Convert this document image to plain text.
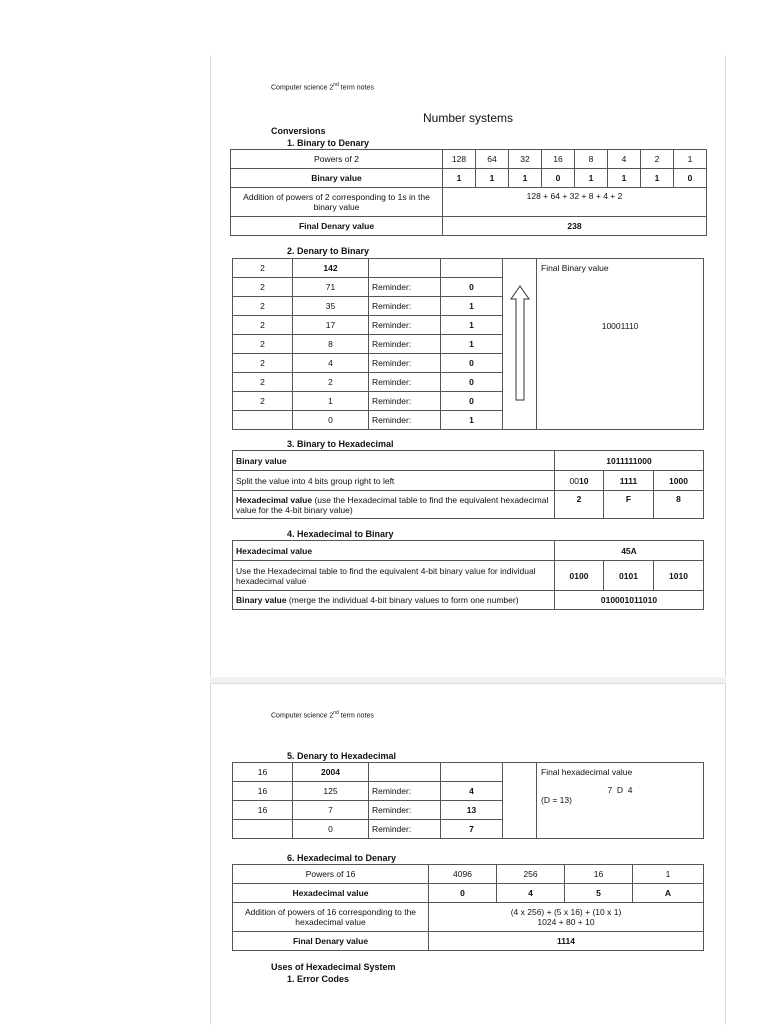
Computer science 2nd term notes
Number systems
Conversions
1. Binary to Denary
Powers of 2	128	64	32	16	8	4	2	1
Binary value	1	1	1	0	1	1	1	0
Addition of powers of 2 corresponding to 1s in the binary value	128 + 64 + 32 + 8 + 4 + 2							
Final Denary value	238							
2. Denary to Binary
2	142				Final Binary value
10001110

2	71	Reminder:	0		
2	35	Reminder:	1		
2	17	Reminder:	1		
2	8	Reminder:	1		
2	4	Reminder:	0		
2	2	Reminder:	0		
2	1	Reminder:	0		
	0	Reminder:	1		
3. Binary to Hexadecimal
Binary value	1011111000		
Split the value into 4 bits group right to left	0010	1111	1000
Hexadecimal value (use the Hexadecimal table to find the equivalent hexadecimal value for the 4-bit binary value)	2	F	8
4. Hexadecimal to Binary
Hexadecimal value	45A		
Use the Hexadecimal table to find the equivalent 4-bit binary value for individual hexadecimal value	0100	0101	1010
Binary value (merge the individual 4-bit binary values to form one number)	010001011010		
Computer science 2nd term notes
5. Denary to Hexadecimal
16	2004				Final hexadecimal value
7  D  4
(D = 13)

16	125	Reminder:	4		
16	7	Reminder:	13		
	0	Reminder:	7		
6. Hexadecimal to Denary
Powers of 16	4096	256	16	1
Hexadecimal value	0	4	5	A
Addition of powers of 16 corresponding to the hexadecimal value	(4 x 256) + (5 x 16) + (10 x 1)
1024 + 80 + 10			

Final Denary value	1114			
Uses of Hexadecimal System
1. Error Codes
